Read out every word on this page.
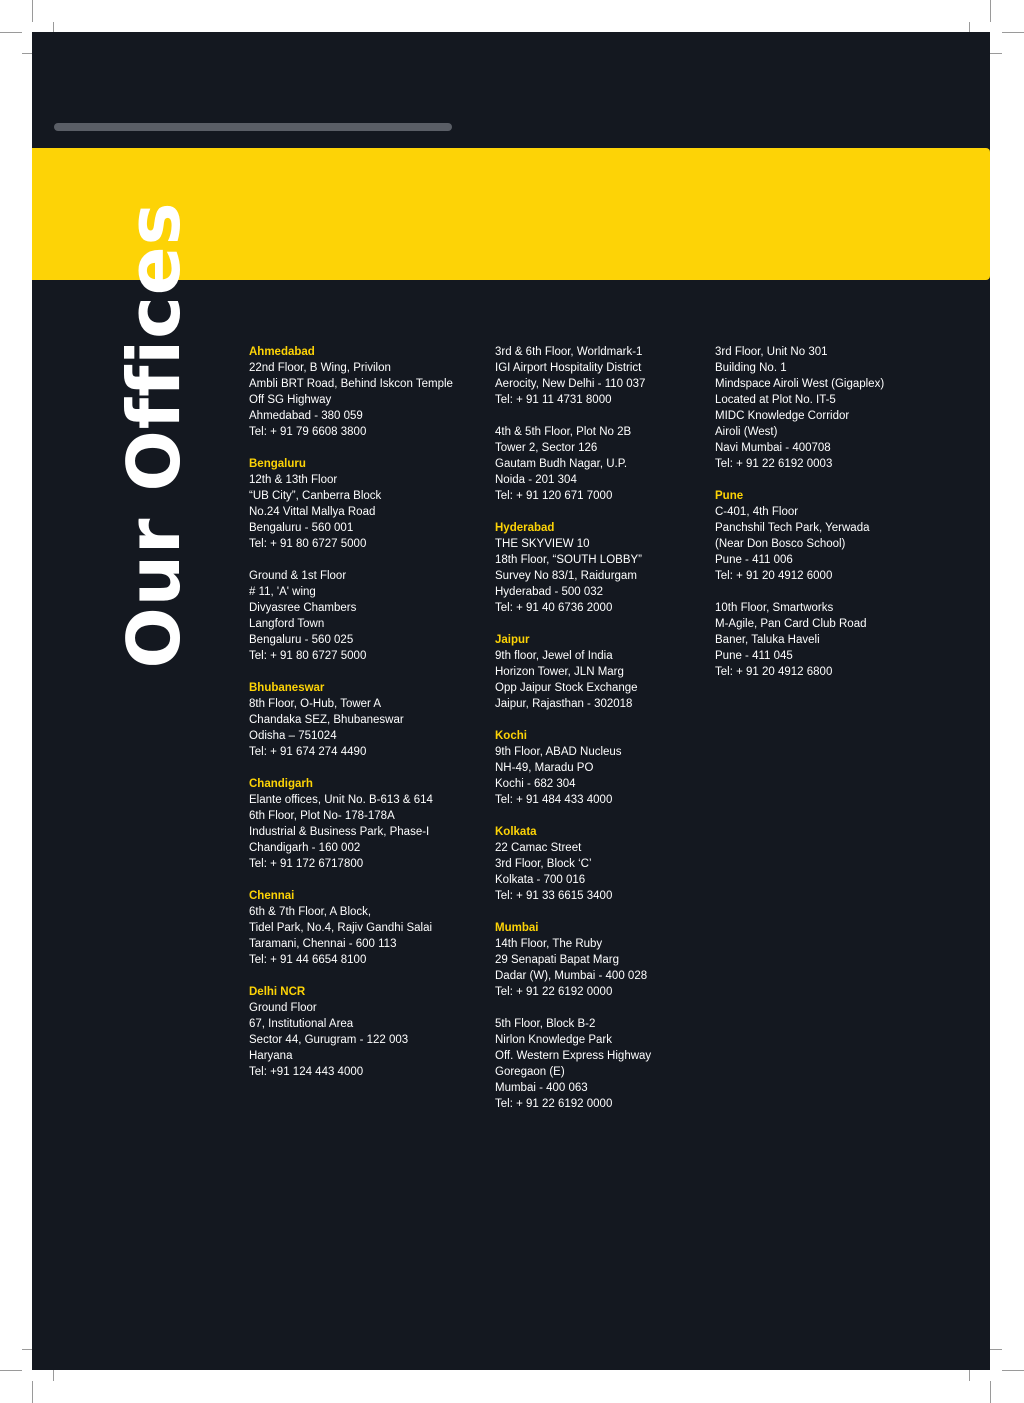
Our Offices	Ahmedabad
22nd Floor, B Wing, Privilon
Ambli BRT Road, Behind Iskcon Temple
Off SG Highway
Ahmedabad - 380 059
Tel: + 91 79 6608 3800
Bengaluru
12th & 13th Floor
“UB City”, Canberra Block
No.24 Vittal Mallya Road
Bengaluru - 560 001
Tel: + 91 80 6727 5000
Ground & 1st Floor
# 11, 'A' wing
Divyasree Chambers
Langford Town
Bengaluru - 560 025
Tel: + 91 80 6727 5000
Bhubaneswar
8th Floor, O-Hub, Tower A
Chandaka SEZ, Bhubaneswar
Odisha – 751024
Tel: + 91 674 274 4490
Chandigarh
Elante offices, Unit No. B-613 & 614
6th Floor, Plot No- 178-178A
Industrial & Business Park, Phase-I
Chandigarh - 160 002
Tel: + 91 172 6717800
Chennai
6th & 7th Floor, A Block,
Tidel Park, No.4, Rajiv Gandhi Salai
Taramani, Chennai - 600 113
Tel: + 91 44 6654 8100
Delhi NCR
Ground Floor
67, Institutional Area
Sector 44, Gurugram - 122 003
Haryana
Tel: +91 124 443 4000
3rd & 6th Floor, Worldmark-1
IGI Airport Hospitality District
Aerocity, New Delhi - 110 037
Tel: + 91 11 4731 8000
4th & 5th Floor, Plot No 2B
Tower 2, Sector 126
Gautam Budh Nagar, U.P.
Noida - 201 304
Tel: + 91 120 671 7000
Hyderabad
THE SKYVIEW 10
18th Floor, “SOUTH LOBBY”
Survey No 83/1, Raidurgam
Hyderabad - 500 032
Tel: + 91 40 6736 2000
Jaipur
9th floor, Jewel of India
Horizon Tower, JLN Marg
Opp Jaipur Stock Exchange
Jaipur, Rajasthan - 302018
Kochi
9th Floor, ABAD Nucleus
NH-49, Maradu PO
Kochi - 682 304
Tel: + 91 484 433 4000
Kolkata
22 Camac Street
3rd Floor, Block ‘C’
Kolkata - 700 016
Tel: + 91 33 6615 3400
Mumbai
14th Floor, The Ruby
29 Senapati Bapat Marg
Dadar (W), Mumbai - 400 028
Tel: + 91 22 6192 0000
5th Floor, Block B-2
Nirlon Knowledge Park
Off. Western Express Highway
Goregaon (E)
Mumbai - 400 063
Tel: + 91 22 6192 0000
3rd Floor, Unit No 301
Building No. 1
Mindspace Airoli West (Gigaplex)
Located at Plot No. IT-5
MIDC Knowledge Corridor
Airoli (West)
Navi Mumbai - 400708
Tel: + 91 22 6192 0003
Pune
C-401, 4th Floor
Panchshil Tech Park, Yerwada
(Near Don Bosco School)
Pune - 411 006
Tel: + 91 20 4912 6000
10th Floor, Smartworks
M-Agile, Pan Card Club Road
Baner, Taluka Haveli
Pune - 411 045
Tel: + 91 20 4912 6800
